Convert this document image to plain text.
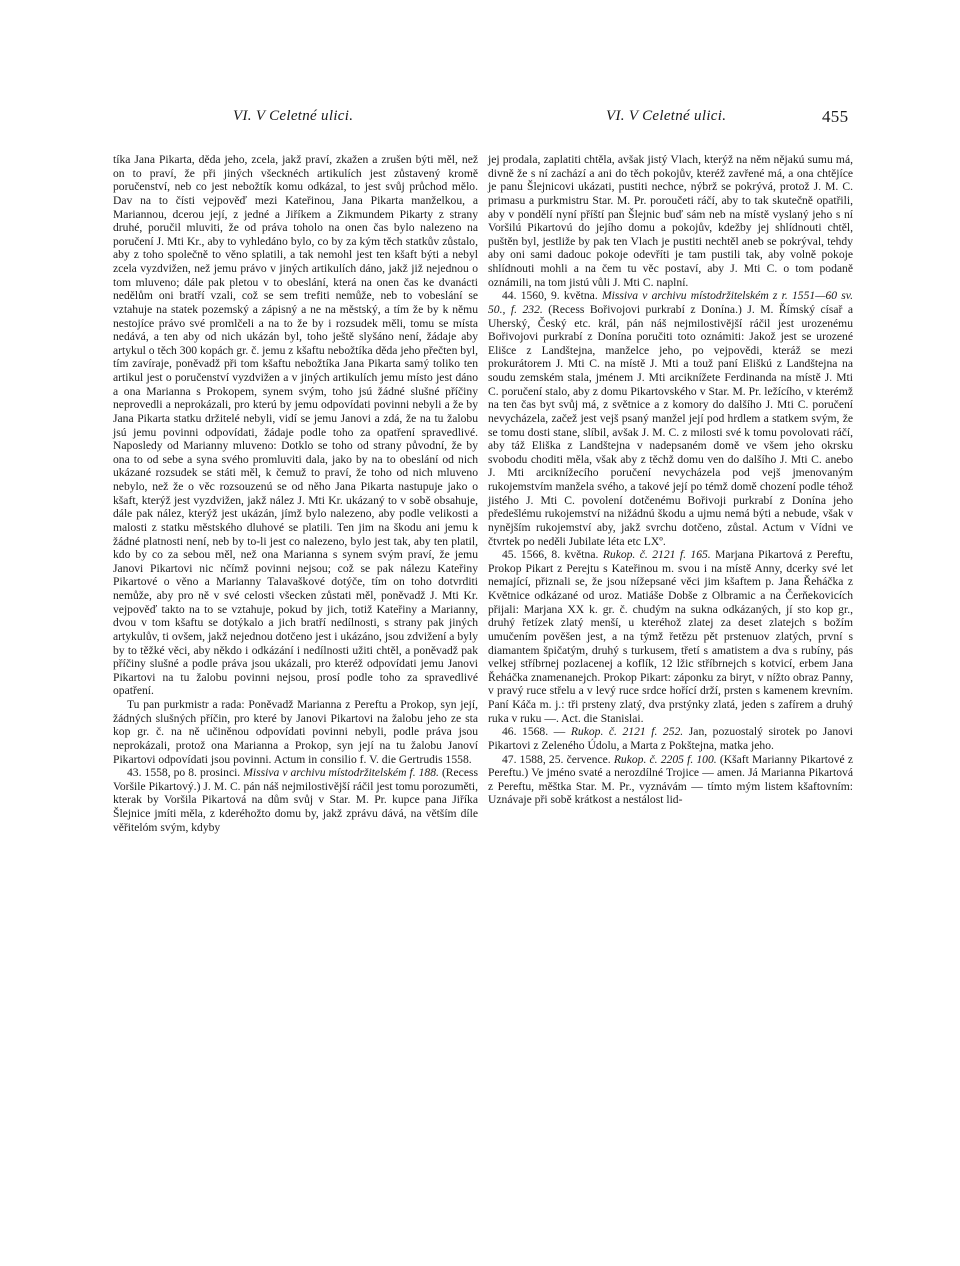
VI. V Celetné ulici.	VI. V Celetné ulici.	455

tíka Jana Pikarta, děda jeho, zcela, jakž praví, zkažen a zrušen býti měl, než on to praví, že při jiných všecknéch artikulích jest zůstavený kromě poručenství, neb co jest nebožtík komu odkázal, to jest svůj průchod mělo. Dav na to čísti vejpověď mezi Kateřinou, Jana Pikarta manželkou, a Mariannou, dcerou její, z jedné a Jiříkem a Zikmundem Pikarty z strany druhé, poručil mluviti, že od práva toholo na onen čas bylo nalezeno na poručení J. Mti Kr., aby to vyhledáno bylo, co by za kým těch statkův zůstalo, aby z toho společně to věno splatili, a tak nemohl jest ten kšaft býti a nebyl zcela vyzdvižen, než jemu právo v jiných artikulích dáno, jakž již nejednou o tom mluveno; dále pak pletou v to obeslání, která na onen čas ke dvanácti nedělům oni bratří vzali, což se sem trefiti nemůže, neb to vobeslání se vztahuje na statek pozemský a zápisný a ne na městský, a tím že by k němu nestojíce právo své promlčeli a na to že by i rozsudek měli, tomu se místa nedává, a ten aby od nich ukázán byl, toho ještě slyšáno není, žádaje aby artykul o těch 300 kopách gr. č. jemu z kšaftu nebožtíka děda jeho přečten byl, tím zavíraje, poněvadž při tom kšaftu nebožtíka Jana Pikarta samý toliko ten artikul jest o poručenství vyzdvižen a v jiných artikulích jemu místo jest dáno a ona Marianna s Prokopem, synem svým, toho jsú žádné slušné příčiny neprovedli a neprokázali, pro kterú by jemu odpovídati povinni nebyli a že by Jana Pikarta statku držitelé nebyli, vidí se jemu Janovi a zdá, že na tu žalobu jsú jemu povinni odpovídati, žádaje podle toho za opatření spravedlivé. Naposledy od Marianny mluveno: Dotklo se toho od strany původní, že by ona to od sebe a syna svého promluviti dala, jako by na to obeslání od nich ukázané rozsudek se státi měl, k čemuž to praví, že toho od nich mluveno nebylo, než že o věc rozsouzenú se od něho Jana Pikarta nastupuje jako o kšaft, kterýž jest vyzdvižen, jakž nález J. Mti Kr. ukázaný to v sobě obsahuje, dále pak nález, kterýž jest ukázán, jímž bylo nalezeno, aby podle velikosti a malosti z statku městského dluhové se platili. Ten jim na škodu ani jemu k žádné platnosti není, neb by to-li jest co nalezeno, bylo jest tak, aby ten platil, kdo by co za sebou měl, než ona Marianna s synem svým praví, že jemu Janovi Pikartovi nic nčímž povinni nejsou; což se pak nálezu Kateřiny Pikartové o věno a Marianny Talavaškové dotýče, tím on toho dotvrditi nemůže, aby pro ně v své celosti všecken zůstati měl, poněvadž J. Mti Kr. vejpověď takto na to se vztahuje, pokud by jich, totiž Kateřiny a Marianny, dvou v tom kšaftu se dotýkalo a jich bratří nedílnosti, s strany pak jiných artykulův, ti ovšem, jakž nejednou dotčeno jest i ukázáno, jsou zdvižení a byly by to těžké věci, aby někdo i odkázání i nedílnosti užiti chtěl, a poněvadž pak příčiny slušné a podle práva jsou ukázali, pro kteréž odpovídati jemu Janovi Pikartovi na tu žalobu povinni nejsou, prosí podle toho za spravedlivé opatření.

Tu pan purkmistr a rada: Poněvadž Marianna z Pereftu a Prokop, syn její, žádných slušných příčin, pro které by Janovi Pikartovi na žalobu jeho ze sta kop gr. č. na ně učiněnou odpovídati povinni nebyli, podle práva jsou neprokázali, protož ona Marianna a Prokop, syn její na tu žalobu Janoví Pikartovi odpovídati jsou povinni. Actum in consilio f. V. die Gertrudis 1558.

43. 1558, po 8. prosinci. Missiva v archivu místodržitelském f. 188. (Recess Voršile Pikartový.) J. M. C. pán náš nejmilostivější ráčil jest tomu porozuměti, kterak by Voršila Pikartová na dům svůj v Star. M. Pr. kupce pana Jiříka Šlejnice jmíti měla, z kderéhožto domu by, jakž zprávu dává, na větším díle věřitelóm svým, kdyby

jej prodala, zaplatiti chtěla, avšak jistý Vlach, kterýž na něm nějakú sumu má, divně že s ní zachází a ani do těch pokojův, kteréž zavřené má, a ona chtějíce je panu Šlejnicovi ukázati, pustiti nechce, nýbrž se pokrývá, protož J. M. C. primasu a purkmistru Star. M. Pr. poroučeti ráčí, aby to tak skutečně opatřili, aby v pondělí nyní příští pan Šlejnic buď sám neb na místě vyslaný jeho s ní Voršilú Pikartovú do jejího domu a pokojův, kdežby jej shlídnouti chtěl, puštěn byl, jestliže by pak ten Vlach je pustiti nechtěl aneb se pokrýval, tehdy aby oni sami dadouc pokoje odevříti je tam pustili tak, aby volně pokoje shlídnouti mohli a na čem tu věc postaví, aby J. Mti C. o tom podaně oznámili, na tom jistú vůli J. Mti C. naplní.

44. 1560, 9. května. Missiva v archivu místodržitelském z r. 1551—60 sv. 50., f. 232. (Recess Bořivojovi purkrabí z Donína.) J. M. Římský císař a Uherský, Český etc. král, pán náš nejmilostivější ráčil jest urozenému Bořivojovi purkrabí z Donína poručiti toto oznámiti: Jakož jest se urozené Elišce z Landštejna, manželce jeho, po vejpovědi, kteráž se mezi prokurátorem J. Mti C. na místě J. Mti a touž paní Eliškú z Landštejna na soudu zemském stala, jménem J. Mti arciknížete Ferdinanda na místě J. Mti C. poručení stalo, aby z domu Pikartovského v Star. M. Pr. ležícího, v kterémž na ten čas byt svůj má, z světnice a z komory do dalšího J. Mti C. poručení nevycházela, začež jest vejš psaný manžel její pod hrdlem a statkem svým, že se tomu dosti stane, slíbil, avšak J. M. C. z milosti své k tomu povolovati ráčí, aby táž Eliška z Landštejna v nadepsaném domě ve všem jeho okrsku svobodu choditi měla, však aby z těchž domu ven do dalšího J. Mti C. anebo J. Mti arciknížecího poručení nevycházela pod vejš jmenovaným rukojemstvím manžela svého, a takové její po témž domě chození podle téhož jistého J. Mti C. povolení dotčenému Bořivoji purkrabí z Donína jeho předešlému rukojemství na nižádnú škodu a ujmu nemá býti a nebude, však v nynějším rukojemství aby, jakž svrchu dotčeno, zůstal. Actum v Vídni ve čtvrtek po neděli Jubilate léta etc LXº.

45. 1566, 8. května. Rukop. č. 2121 f. 165. Marjana Pikartová z Pereftu, Prokop Pikart z Perejtu s Kateřinou m. svou i na místě Anny, dcerky své let nemající, přiznali se, že jsou nížepsané věci jim kšaftem p. Jana Řeháčka z Květnice odkázané od uroz. Matiáše Dobše z Olbramic a na Čerňekovicích přijali: Marjana XX k. gr. č. chudým na sukna odkázaných, jí sto kop gr., druhý řetízek zlatý menší, u kteréhož zlatej za deset zlatejch s božím umučením pověšen jest, a na týmž řetězu pět prstenuov zlatých, první s diamantem špičatým, druhý s turkusem, třetí s amatistem a dva s rubíny, pás velkej stříbrnej pozlacenej a koflík, 12 lžic stříbrnejch s kotvicí, erbem Jana Řeháčka znamenanejch. Prokop Pikart: záponku za biryt, v nížto obraz Panny, v pravý ruce střelu a v levý ruce srdce hořící drží, prsten s kamenem krevním. Paní Káča m. j.: tři prsteny zlatý, dva prstýnky zlatá, jeden s zafírem a druhý ruka v ruku —. Act. die Stanislai.

46. 1568. — Rukop. č. 2121 f. 252. Jan, pozuostalý sirotek po Janovi Pikartovi z Zeleného Údolu, a Marta z Pokštejna, matka jeho.

47. 1588, 25. července. Rukop. č. 2205 f. 100. (Kšaft Marianny Pikartové z Pereftu.) Ve jméno svaté a nerozdílné Trojice — amen. Já Marianna Pikartová z Pereftu, měštka Star. M. Pr., vyznávám — tímto mým listem kšaftovním: Uznávaje při sobě krátkost a nestálost lid-
